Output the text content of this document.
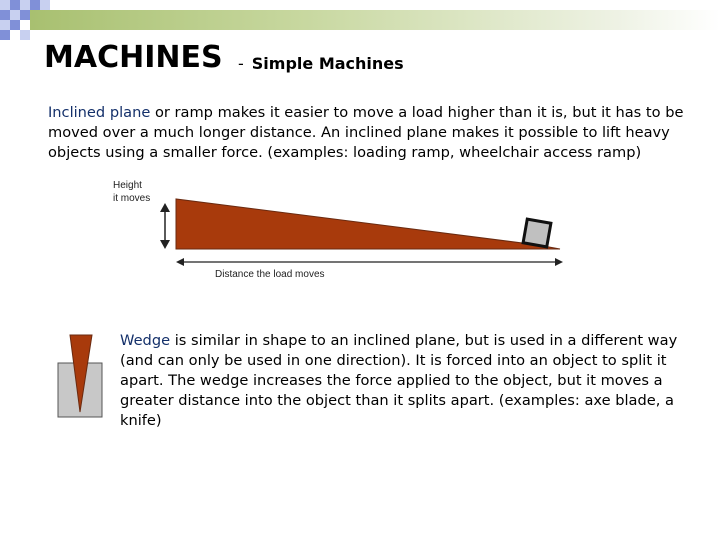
MACHINES - Simple Machines
Inclined plane or ramp makes it easier to move a load higher than it is, but it has to be moved over a much longer distance. An inclined plane makes it possible to lift heavy objects using a smaller force. (examples: loading ramp, wheelchair access ramp)
Height
it moves
Distance the load moves
Wedge is similar in shape to an inclined plane, but is used in a different way (and can only be used in one direction). It is forced into an object to split it apart. The wedge increases the force applied to the object, but it moves a greater distance into the object than it splits apart. (examples: axe blade, a knife)
